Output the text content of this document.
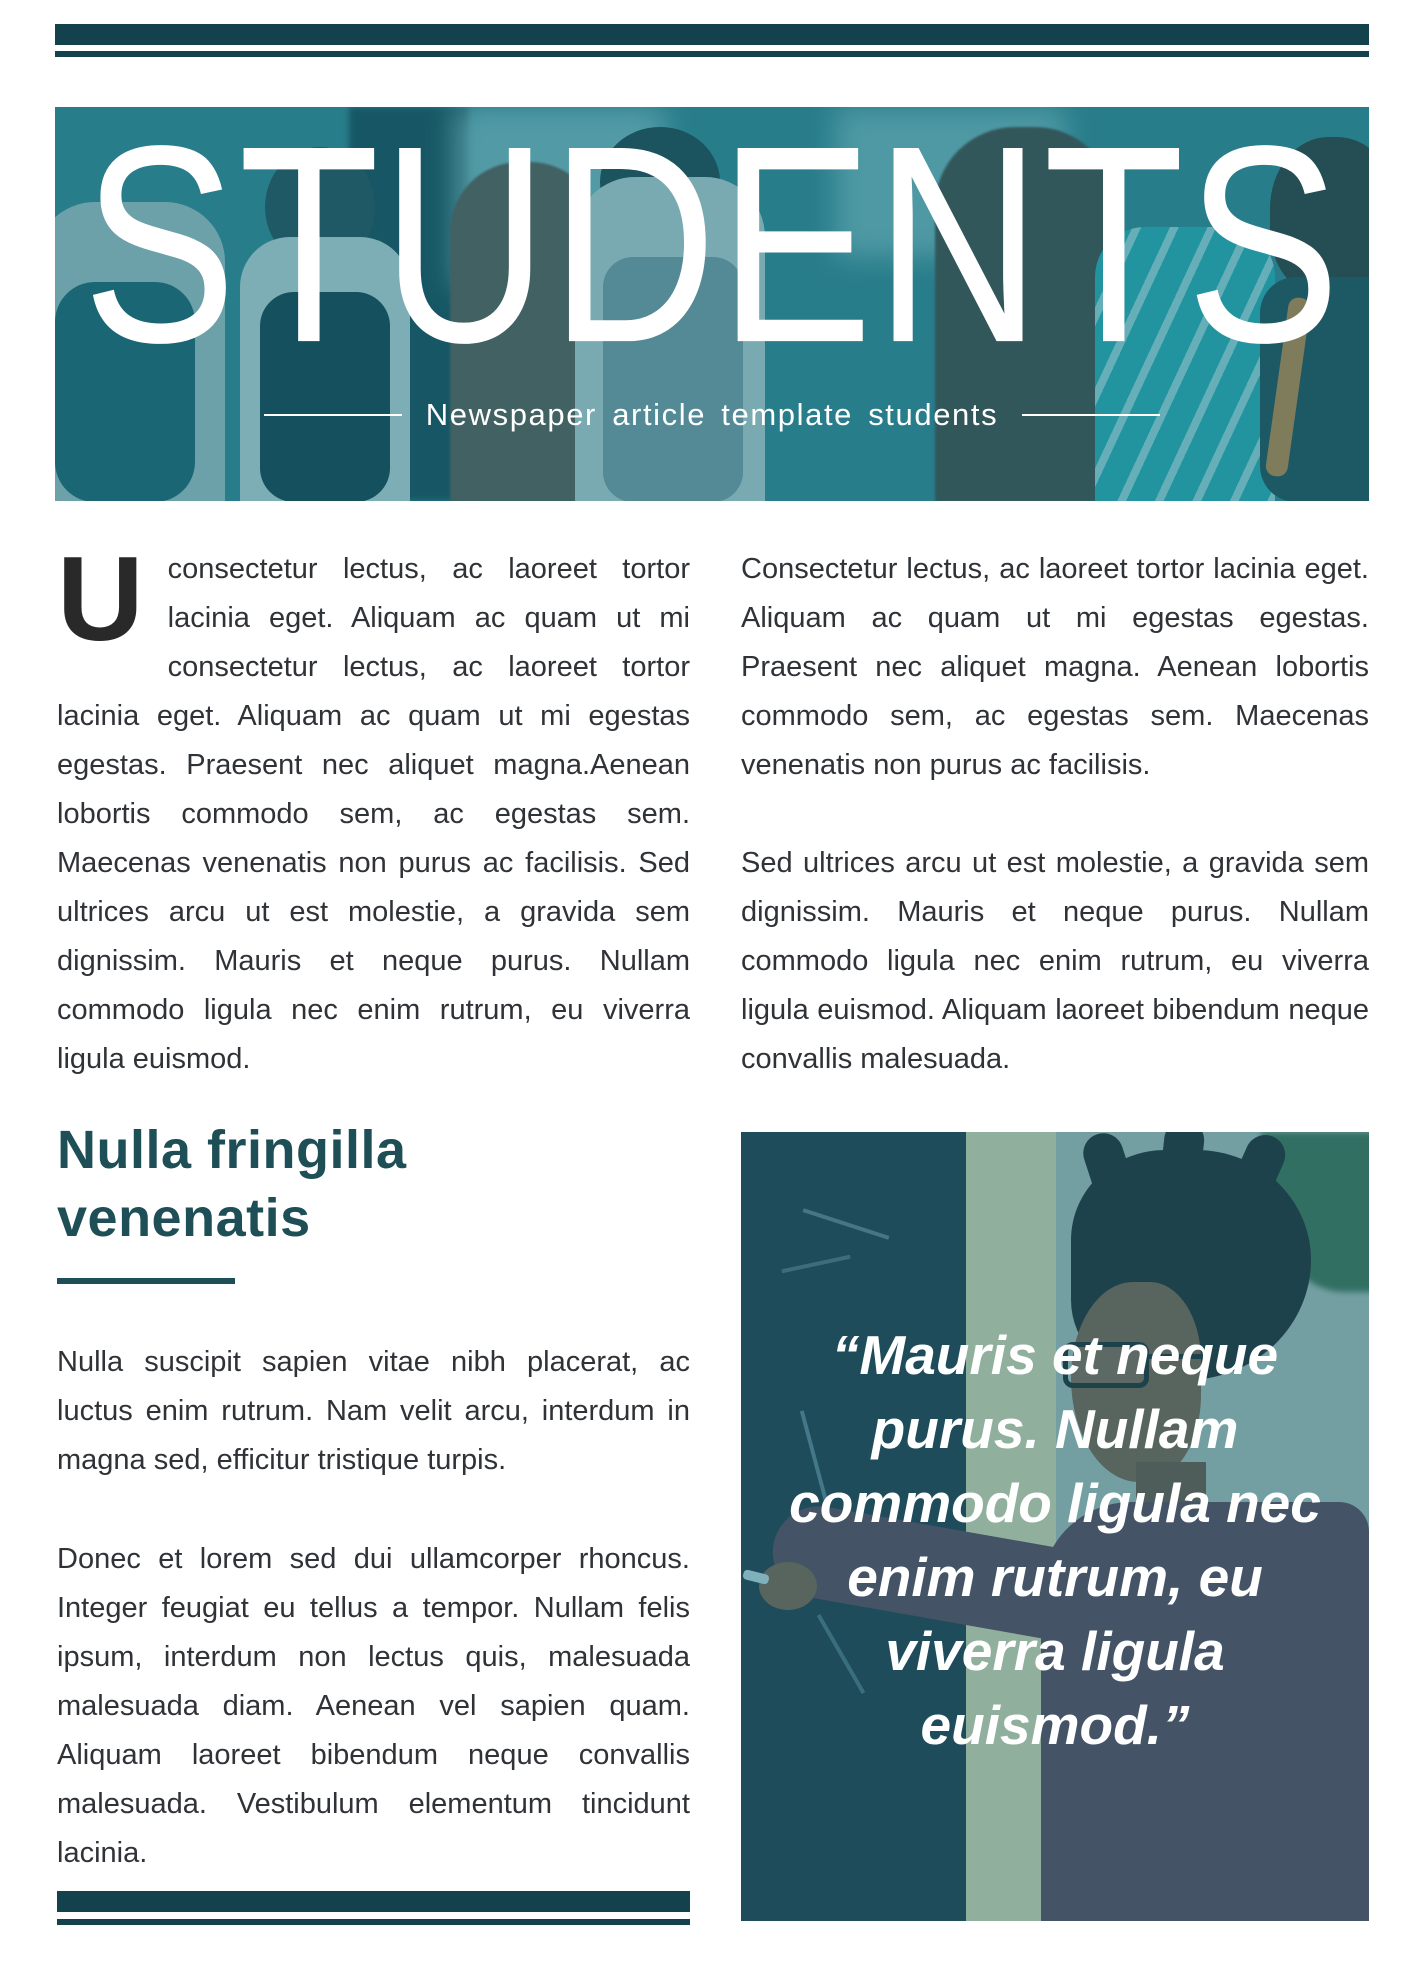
STUDENTS
Newspaper article template students

Uconsectetur lectus, ac laoreet tortor lacinia eget. Aliquam ac quam ut mi consectetur lectus, ac laoreet tortor lacinia eget. Aliquam ac quam ut mi egestas egestas. Praesent nec aliquet magna.Aenean lobortis commodo sem, ac egestas sem. Maecenas venenatis non purus ac facilisis. Sed ultrices arcu ut est molestie, a gravida sem dignissim. Mauris et neque purus. Nullam commodo ligula nec enim rutrum, eu viverra ligula euismod.

Nulla fringilla venenatis

Nulla suscipit sapien vitae nibh placerat, ac luctus enim rutrum. Nam velit arcu, interdum in magna sed, efficitur tristique turpis.

Donec et lorem sed dui ullamcorper rhoncus. Integer feugiat eu tellus a tempor. Nullam felis ipsum, interdum non lectus quis, malesuada malesuada diam. Aenean vel sapien quam. Aliquam laoreet bibendum neque convallis malesuada. Vestibulum elementum tincidunt lacinia.

Consectetur lectus, ac laoreet tortor lacinia eget. Aliquam ac quam ut mi egestas egestas. Praesent nec aliquet magna. Aenean lobortis commodo sem, ac egestas sem. Maecenas venenatis non purus ac facilisis.

Sed ultrices arcu ut est molestie, a gravida sem dignissim. Mauris et neque purus. Nullam commodo ligula nec enim rutrum, eu viverra ligula euismod. Aliquam laoreet bibendum neque convallis malesuada.

“Mauris et neque purus. Nullam commodo ligula nec enim rutrum, eu viverra ligula euismod.”
